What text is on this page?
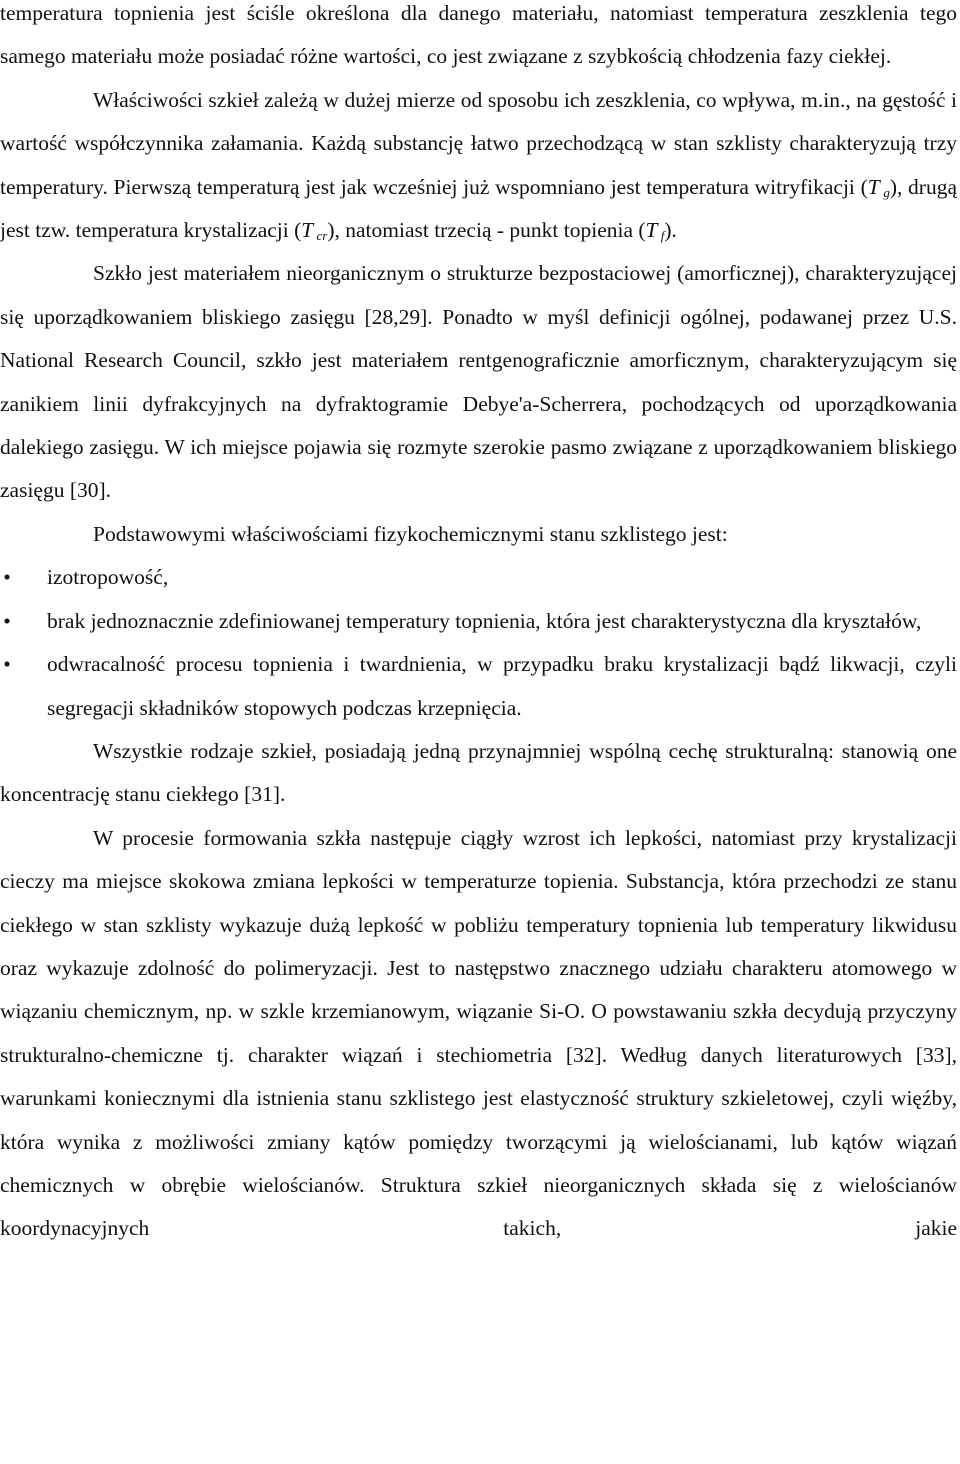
temperatura topnienia jest ściśle określona dla danego materiału, natomiast temperatura zeszklenia tego samego materiału może posiadać różne wartości, co jest związane z szybkością chłodzenia fazy ciekłej.

Właściwości szkieł zależą w dużej mierze od sposobu ich zeszklenia, co wpływa, m.in., na gęstość i wartość współczynnika załamania. Każdą substancję łatwo przechodzącą w stan szklisty charakteryzują trzy temperatury. Pierwszą temperaturą jest jak wcześniej już wspomniano jest temperatura witryfikacji (T $_g$), drugą jest tzw. temperatura krystalizacji (T $_{cr}$), natomiast trzecią - punkt topienia (T $_f$).

Szkło jest materiałem nieorganicznym o strukturze bezpostaciowej (amorficznej), charakteryzującej się uporządkowaniem bliskiego zasięgu [28,29]. Ponadto w myśl definicji ogólnej, podawanej przez U.S. National Research Council, szkło jest materiałem rentgenograficznie amorficznym, charakteryzującym się zanikiem linii dyfrakcyjnych na dyfraktogramie Debye'a-Scherrera, pochodzących od uporządkowania dalekiego zasięgu. W ich miejsce pojawia się rozmyte szerokie pasmo związane z uporządkowaniem bliskiego zasięgu [30].

Podstawowymi właściwościami fizykochemicznymi stanu szklistego jest:

• izotropowość,
• brak jednoznacznie zdefiniowanej temperatury topnienia, która jest charakterystyczna dla kryształów,
• odwracalność procesu topnienia i twardnienia, w przypadku braku krystalizacji bądź likwacji, czyli segregacji składników stopowych podczas krzepnięcia.

Wszystkie rodzaje szkieł, posiadają jedną przynajmniej wspólną cechę strukturalną: stanowią one koncentrację stanu ciekłego [31].

W procesie formowania szkła następuje ciągły wzrost ich lepkości, natomiast przy krystalizacji cieczy ma miejsce skokowa zmiana lepkości w temperaturze topienia. Substancja, która przechodzi ze stanu ciekłego w stan szklisty wykazuje dużą lepkość w pobliżu temperatury topnienia lub temperatury likwidusu oraz wykazuje zdolność do polimeryzacji. Jest to następstwo znacznego udziału charakteru atomowego w wiązaniu chemicznym, np. w szkle krzemianowym, wiązanie Si-O. O powstawaniu szkła decydują przyczyny strukturalno-chemiczne tj. charakter wiązań i stechiometria [32]. Według danych literaturowych [33], warunkami koniecznymi dla istnienia stanu szklistego jest elastyczność struktury szkieletowej, czyli więźby, która wynika z możliwości zmiany kątów pomiędzy tworzącymi ją wielościanami, lub kątów wiązań chemicznych w obrębie wielościanów. Struktura szkieł nieorganicznych składa się z wielościanów koordynacyjnych takich, jakie
